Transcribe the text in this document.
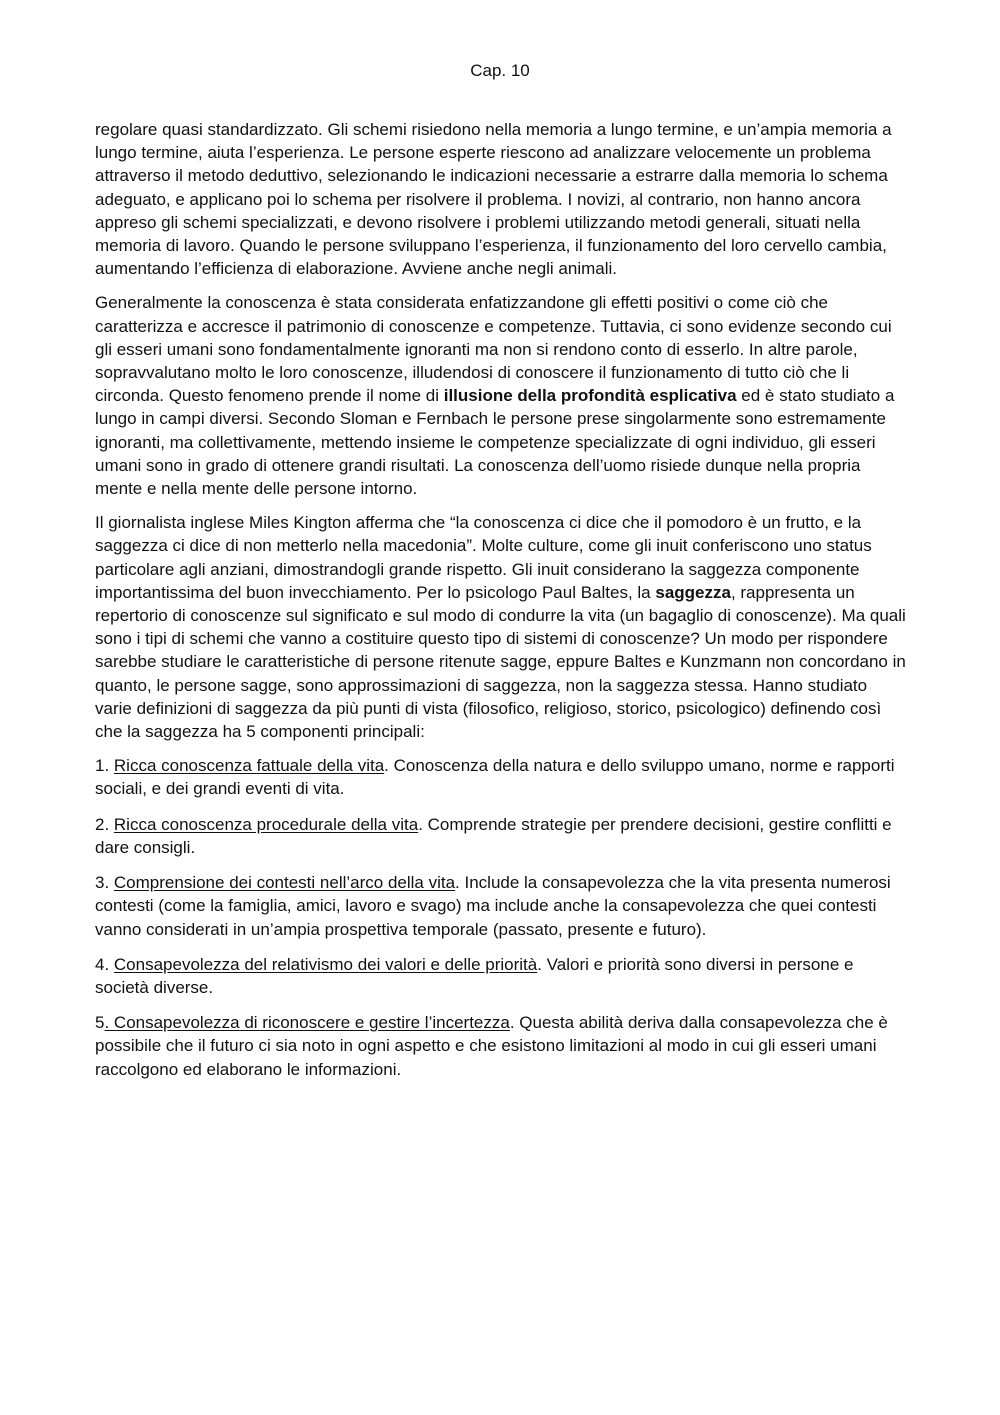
Cap. 10

regolare quasi standardizzato. Gli schemi risiedono nella memoria a lungo termine, e un’ampia memoria a lungo termine, aiuta l’esperienza. Le persone esperte riescono ad analizzare velocemente un problema attraverso il metodo deduttivo, selezionando le indicazioni necessarie a estrarre dalla memoria lo schema adeguato, e applicano poi lo schema per risolvere il problema. I novizi, al contrario, non hanno ancora appreso gli schemi specializzati, e devono risolvere i problemi utilizzando metodi generali, situati nella memoria di lavoro. Quando le persone sviluppano l’esperienza, il funzionamento del loro cervello cambia, aumentando l’efficienza di elaborazione. Avviene anche negli animali.

Generalmente la conoscenza è stata considerata enfatizzandone gli effetti positivi o come ciò che caratterizza e accresce il patrimonio di conoscenze e competenze. Tuttavia, ci sono evidenze secondo cui gli esseri umani sono fondamentalmente ignoranti ma non si rendono conto di esserlo. In altre parole, sopravvalutano molto le loro conoscenze, illudendosi di conoscere il funzionamento di tutto ciò che li circonda. Questo fenomeno prende il nome di illusione della profondità esplicativa ed è stato studiato a lungo in campi diversi. Secondo Sloman e Fernbach le persone prese singolarmente sono estremamente ignoranti, ma collettivamente, mettendo insieme le competenze specializzate di ogni individuo, gli esseri umani sono in grado di ottenere grandi risultati. La conoscenza dell’uomo risiede dunque nella propria mente e nella mente delle persone intorno.

Il giornalista inglese Miles Kington afferma che “la conoscenza ci dice che il pomodoro è un frutto, e la saggezza ci dice di non metterlo nella macedonia”. Molte culture, come gli inuit conferiscono uno status particolare agli anziani, dimostrandogli grande rispetto. Gli inuit considerano la saggezza componente importantissima del buon invecchiamento. Per lo psicologo Paul Baltes, la saggezza, rappresenta un repertorio di conoscenze sul significato e sul modo di condurre la vita (un bagaglio di conoscenze). Ma quali sono i tipi di schemi che vanno a costituire questo tipo di sistemi di conoscenze? Un modo per rispondere sarebbe studiare le caratteristiche di persone ritenute sagge, eppure Baltes e Kunzmann non concordano in quanto, le persone sagge, sono approssimazioni di saggezza, non la saggezza stessa. Hanno studiato varie definizioni di saggezza da più punti di vista (filosofico, religioso, storico, psicologico) definendo così che la saggezza ha 5 componenti principali:

1. Ricca conoscenza fattuale della vita. Conoscenza della natura e dello sviluppo umano, norme e rapporti sociali, e dei grandi eventi di vita.

2. Ricca conoscenza procedurale della vita. Comprende strategie per prendere decisioni, gestire conflitti e dare consigli.

3. Comprensione dei contesti nell’arco della vita. Include la consapevolezza che la vita presenta numerosi contesti (come la famiglia, amici, lavoro e svago) ma include anche la consapevolezza che quei contesti vanno considerati in un’ampia prospettiva temporale (passato, presente e futuro).

4. Consapevolezza del relativismo dei valori e delle priorità. Valori e priorità sono diversi in persone e società diverse.

5. Consapevolezza di riconoscere e gestire l’incertezza. Questa abilità deriva dalla consapevolezza che è possibile che il futuro ci sia noto in ogni aspetto e che esistono limitazioni al modo in cui gli esseri umani raccolgono ed elaborano le informazioni.
